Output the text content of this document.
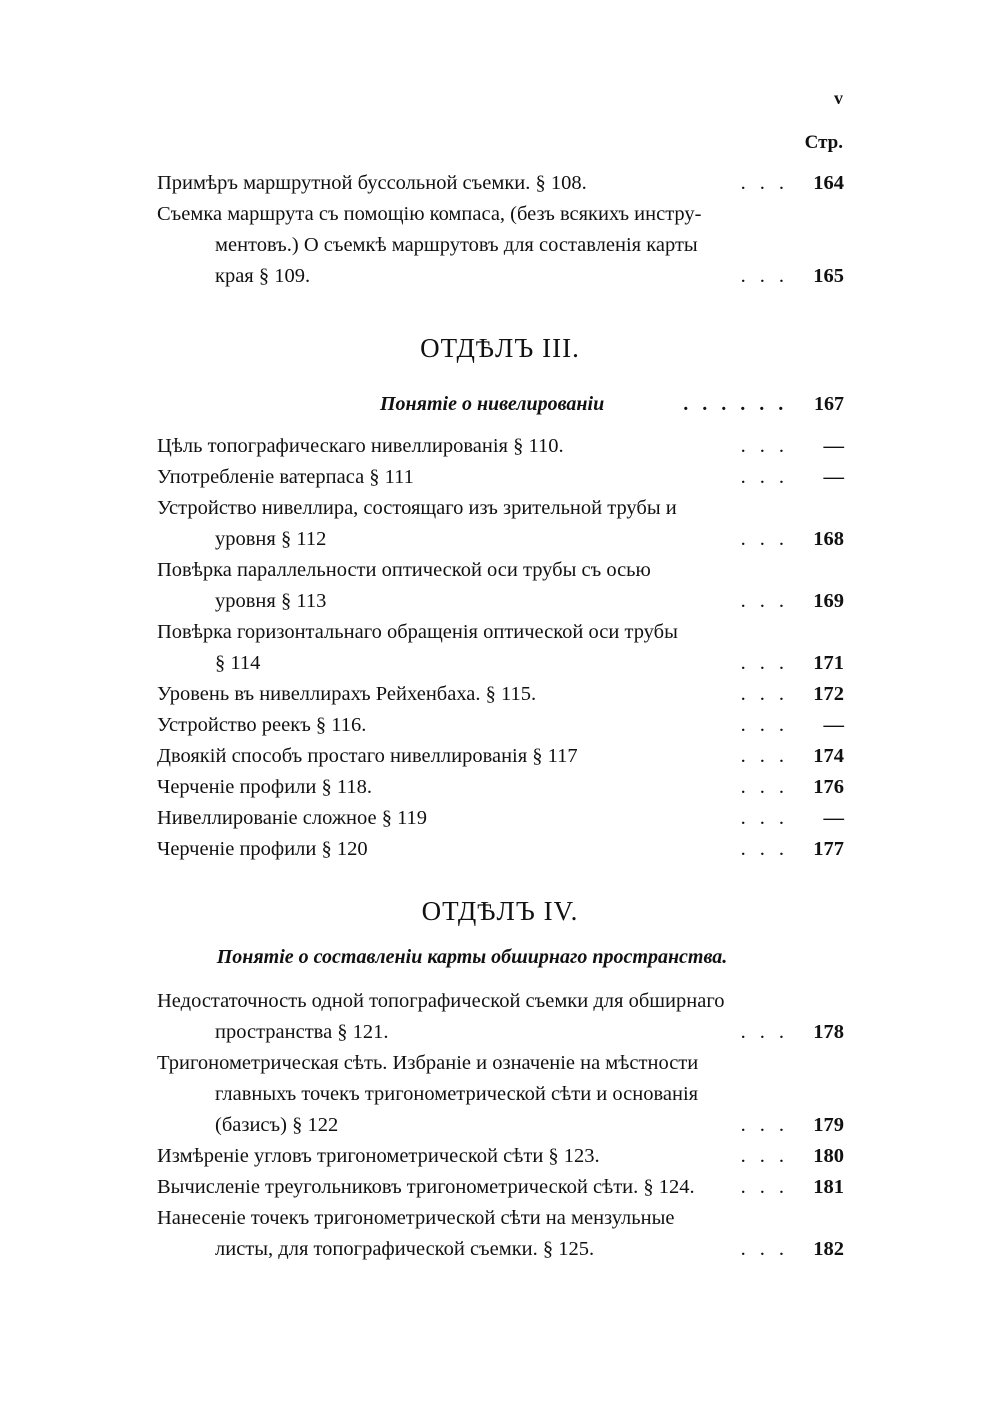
v
Стр.
Примѣръ маршрутной буссольной съемки. § 108.	... 164
Съемка маршрута съ помощію компаса, (безъ всякихъ инстру-
ментовъ.) О съемкѣ маршрутовъ для составленія карты
края § 109.	... 165
ОТДѢЛЪ III.
Понятіе о нивелированіи	...... 167
Цѣль топографическаго нивеллированія § 110.	... —
Употребленіе ватерпаса § 111	... —
Устройство нивеллира, состоящаго изъ зрительной трубы и
уровня § 112	... 168
Повѣрка параллельности оптической оси трубы съ осью
уровня § 113	... 169
Повѣрка горизонтальнаго обращенія оптической оси трубы
§ 114	... 171
Уровень въ нивеллирахъ Рейхенбаха. § 115.	... 172
Устройство реекъ § 116.	... —
Двоякій способъ простаго нивеллированія § 117	... 174
Черченіе профили § 118.	... 176
Нивеллированіе сложное § 119	... —
Черченіе профили § 120	... 177
ОТДѢЛЪ IV.
Понятіе о составленіи карты обширнаго пространства.
Недостаточность одной топографической съемки для обширнаго
пространства § 121.	... 178
Тригонометрическая сѣть. Избраніе и означеніе на мѣстности
главныхъ точекъ тригонометрической сѣти и основанія
(базисъ) § 122	... 179
Измѣреніе угловъ тригонометрической сѣти § 123.	... 180
Вычисленіе треугольниковъ тригонометрической сѣти. § 124.	... 181
Нанесеніе точекъ тригонометрической сѣти на мензульные
листы, для топографической съемки. § 125.	... 182
